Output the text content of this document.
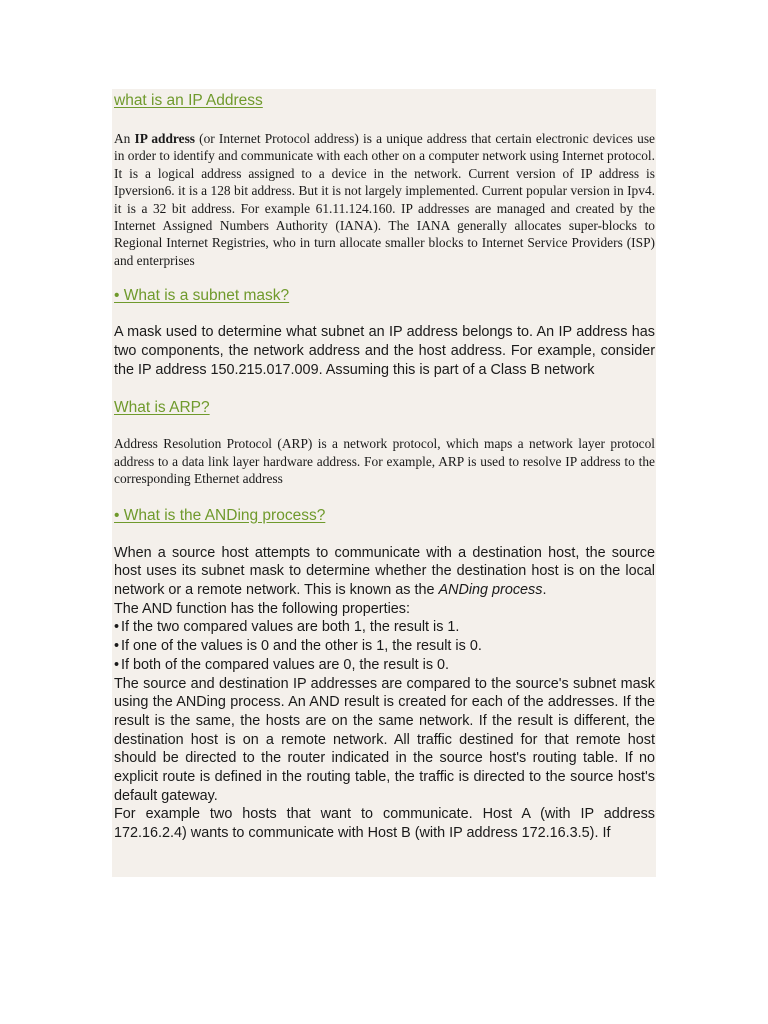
what is an IP Address

An IP address (or Internet Protocol address) is a unique address that certain electronic devices use in order to identify and communicate with each other on a computer network using Internet protocol. It is a logical address assigned to a device in the network. Current version of IP address is Ipversion6. it is a 128 bit address. But it is not largely implemented. Current popular version in Ipv4. it is a 32 bit address. For example 61.11.124.160. IP addresses are managed and created by the Internet Assigned Numbers Authority (IANA). The IANA generally allocates super-blocks to Regional Internet Registries, who in turn allocate smaller blocks to Internet Service Providers (ISP) and enterprises

• What is a subnet mask?

A mask used to determine what subnet an IP address belongs to. An IP address has two components, the network address and the host address. For example, consider the IP address 150.215.017.009. Assuming this is part of a Class B network

What is ARP?

Address Resolution Protocol (ARP) is a network protocol, which maps a network layer protocol address to a data link layer hardware address. For example, ARP is used to resolve IP address to the corresponding Ethernet address

• What is the ANDing process?

When a source host attempts to communicate with a destination host, the source host uses its subnet mask to determine whether the destination host is on the local network or a remote network. This is known as the ANDing process.

The AND function has the following properties:

• If the two compared values are both 1, the result is 1.
• If one of the values is 0 and the other is 1, the result is 0.
• If both of the compared values are 0, the result is 0.

The source and destination IP addresses are compared to the source's subnet mask using the ANDing process. An AND result is created for each of the addresses. If the result is the same, the hosts are on the same network. If the result is different, the destination host is on a remote network. All traffic destined for that remote host should be directed to the router indicated in the source host's routing table. If no explicit route is defined in the routing table, the traffic is directed to the source host's default gateway.

For example two hosts that want to communicate. Host A (with IP address 172.16.2.4) wants to communicate with Host B (with IP address 172.16.3.5). If
